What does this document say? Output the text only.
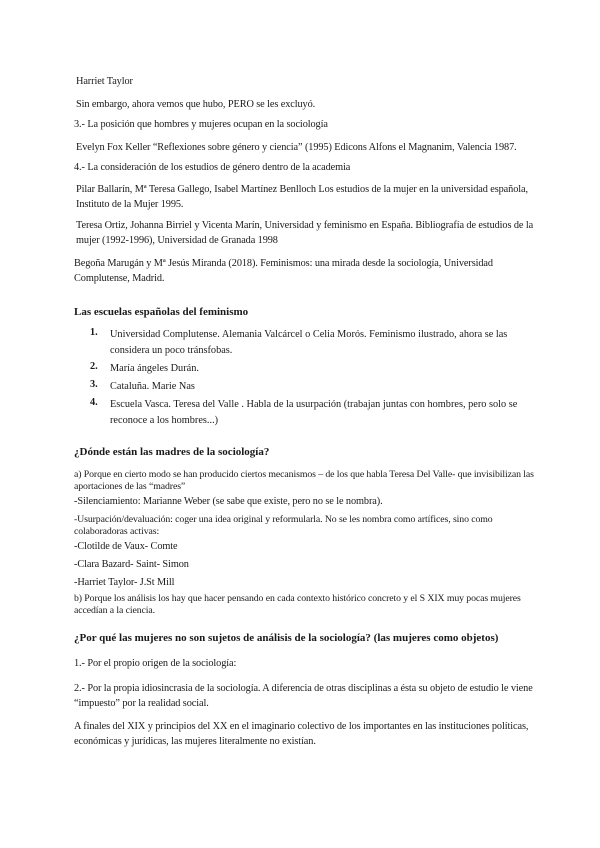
Harriet Taylor

Sin embargo, ahora vemos que hubo, PERO se les excluyó.

3.- La posición que hombres y mujeres ocupan en la sociología

Evelyn Fox Keller “Reflexiones sobre género y ciencia” (1995) Edicons Alfons el Magnanim, Valencia 1987.

4.- La consideración de los estudios de género dentro de la academia

Pilar Ballarín, Mª Teresa Gallego, Isabel Martínez Benlloch Los estudios de la mujer en la universidad española, Instituto de la Mujer 1995.

Teresa Ortiz, Johanna Birriel y Vicenta Marín, Universidad y feminismo en España. Bibliografía de estudios de la mujer (1992-1996), Universidad de Granada 1998

Begoña Marugán y Mª Jesús Miranda (2018). Feminismos: una mirada desde la sociología, Universidad Complutense, Madrid.

Las escuelas españolas del feminismo
1. Universidad Complutense. Alemania Valcárcel o Celia Morós. Feminismo ilustrado, ahora se las considera un poco tránsfobas.

2. María ángeles Durán.

3. Cataluña. Marie Nas

4. Escuela Vasca. Teresa del Valle . Habla de la usurpación (trabajan juntas con hombres, pero solo se reconoce a los hombres...)

¿Dónde están las madres de la sociología?

a) Porque en cierto modo se han producido ciertos mecanismos – de los que habla Teresa Del Valle- que invisibilizan las aportaciones de las “madres”

-Silenciamiento: Marianne Weber (se sabe que existe, pero no se le nombra).

-Usurpación/devaluación: coger una idea original y reformularla. No se les nombra como artífices, sino como colaboradoras activas:

-Clotilde de Vaux- Comte

-Clara Bazard- Saint- Simon

-Harriet Taylor- J.St Mill

b) Porque los análisis los hay que hacer pensando en cada contexto histórico concreto y el S XIX muy pocas mujeres accedían a la ciencia.

¿Por qué las mujeres no son sujetos de análisis de la sociología? (las mujeres como objetos)

1.- Por el propio origen de la sociología:

2.- Por la propia idiosincrasia de la sociología. A diferencia de otras disciplinas a ésta su objeto de estudio le viene “impuesto” por la realidad social.

A finales del XIX y principios del XX en el imaginario colectivo de los importantes en las instituciones políticas, económicas y jurídicas, las mujeres literalmente no existían.
